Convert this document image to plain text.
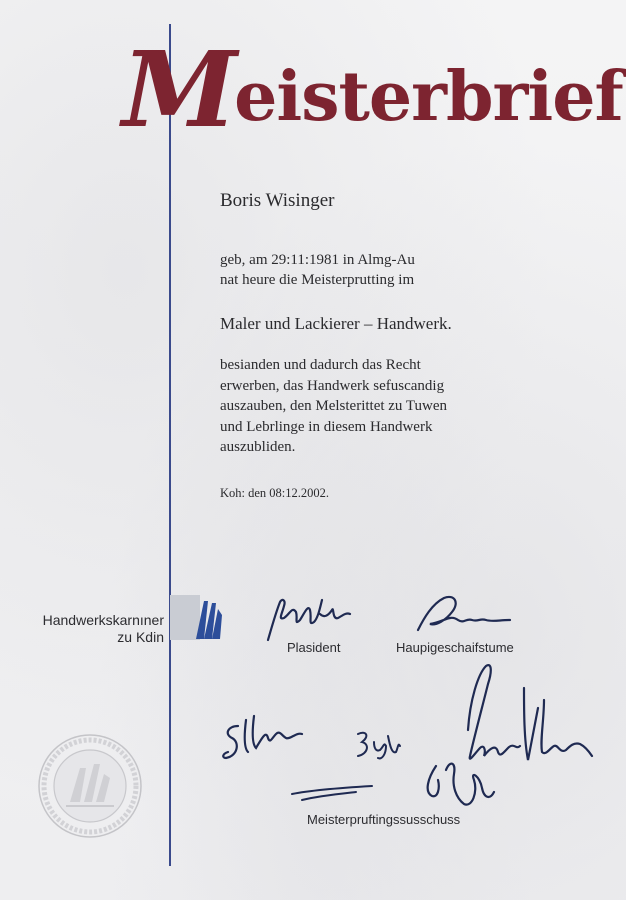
Meisterbrief
Boris Wisinger
geb, am 29:11:1981 in Almg-Au
nat heure die Meisterprutting im
Maler und Lackierer – Handwerk.
besianden und dadurch das Recht
erwerben, das Handwerk sefuscandig
auszauben, den Melsterittet zu Tuwen
und Lebrlinge in diesem Handwerk
auszubliden.
Koh: den 08:12.2002.
Handwerkskarnıner
zu Kdin
Plasident	Haupigeschaifstume
Meisterpruftingssusschuss
